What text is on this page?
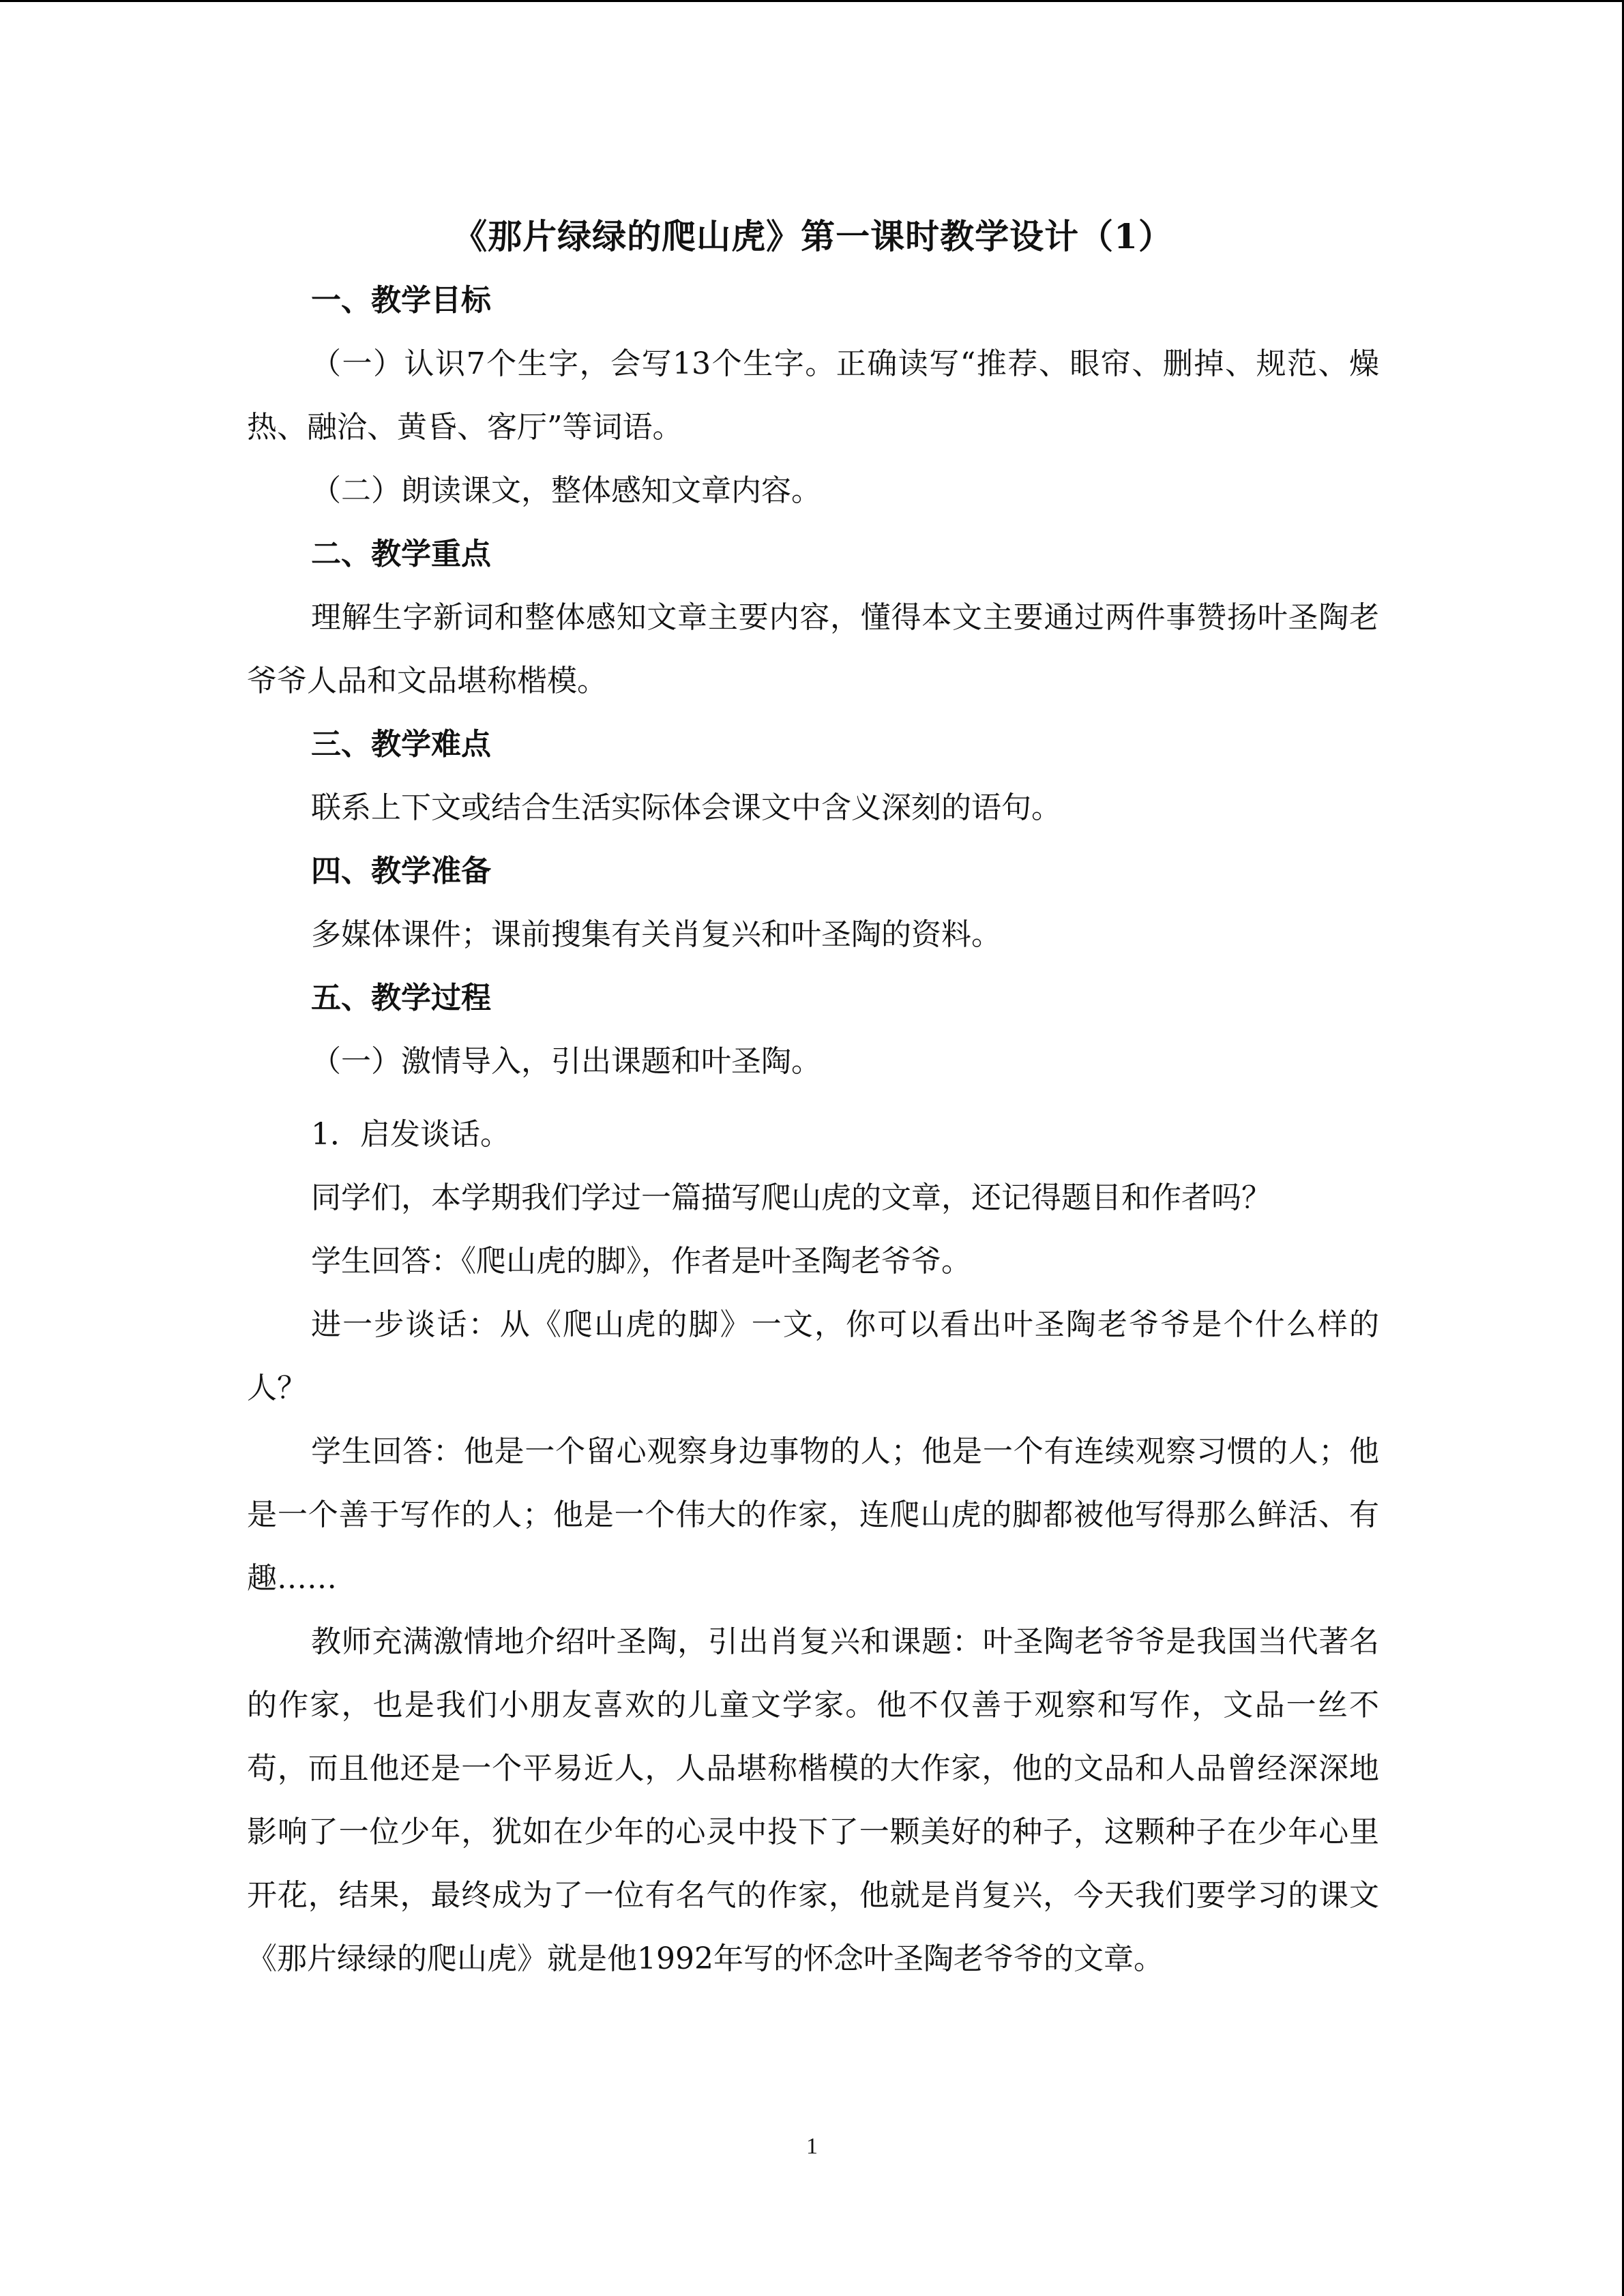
《那片绿绿的爬山虎》第一课时教学设计（1）

一、教学目标

（一）认识7个生字，会写13个生字。正确读写“推荐、眼帘、删掉、规范、燥热、融洽、黄昏、客厅”等词语。

（二）朗读课文，整体感知文章内容。

二、教学重点

理解生字新词和整体感知文章主要内容，懂得本文主要通过两件事赞扬叶圣陶老爷爷人品和文品堪称楷模。

三、教学难点

联系上下文或结合生活实际体会课文中含义深刻的语句。

四、教学准备

多媒体课件；课前搜集有关肖复兴和叶圣陶的资料。

五、教学过程

（一）激情导入，引出课题和叶圣陶。

1．启发谈话。

同学们，本学期我们学过一篇描写爬山虎的文章，还记得题目和作者吗？

学生回答：《爬山虎的脚》，作者是叶圣陶老爷爷。

进一步谈话：从《爬山虎的脚》一文，你可以看出叶圣陶老爷爷是个什么样的人？

学生回答：他是一个留心观察身边事物的人；他是一个有连续观察习惯的人；他是一个善于写作的人；他是一个伟大的作家，连爬山虎的脚都被他写得那么鲜活、有趣……

教师充满激情地介绍叶圣陶，引出肖复兴和课题：叶圣陶老爷爷是我国当代著名的作家，也是我们小朋友喜欢的儿童文学家。他不仅善于观察和写作，文品一丝不苟，而且他还是一个平易近人，人品堪称楷模的大作家，他的文品和人品曾经深深地影响了一位少年，犹如在少年的心灵中投下了一颗美好的种子，这颗种子在少年心里开花，结果，最终成为了一位有名气的作家，他就是肖复兴，今天我们要学习的课文《那片绿绿的爬山虎》就是他1992年写的怀念叶圣陶老爷爷的文章。

1
